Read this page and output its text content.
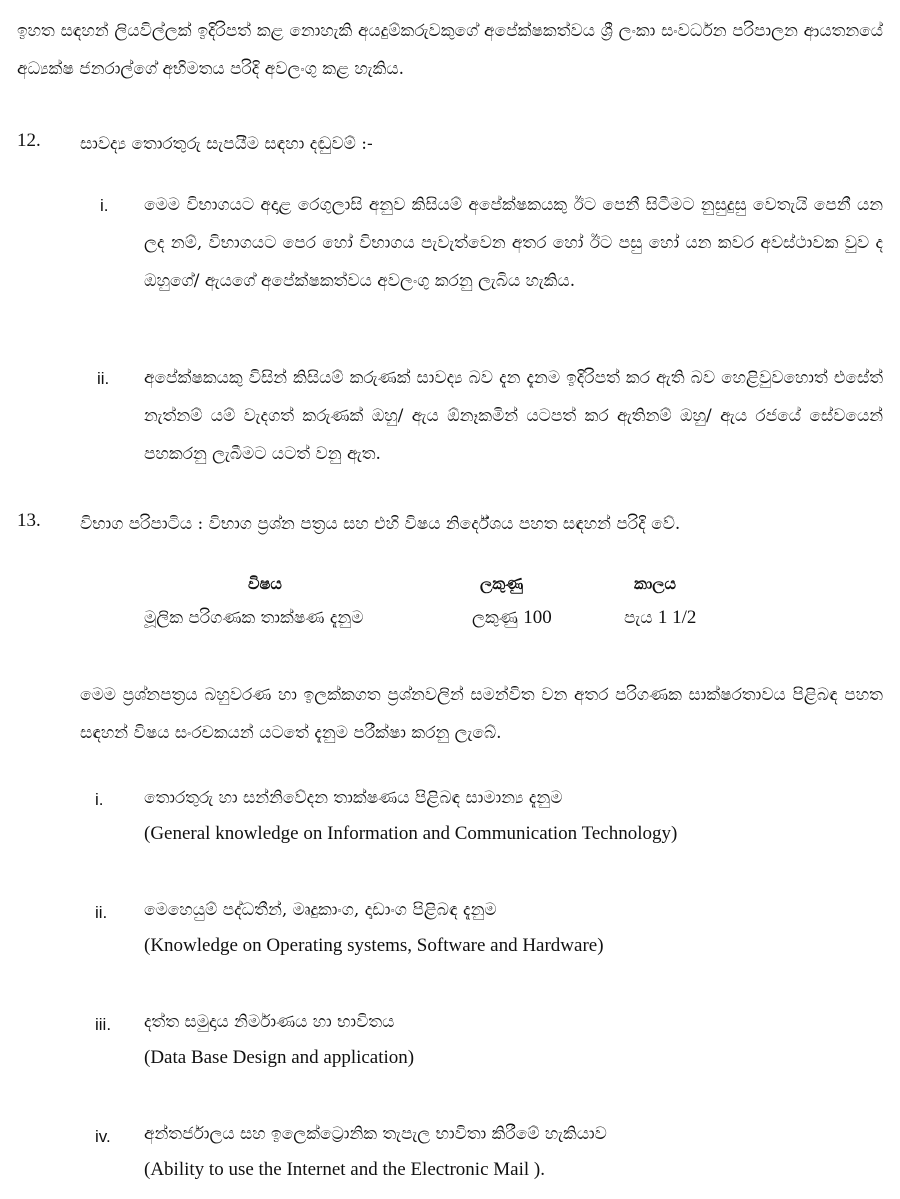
ඉහත සඳහන් ලියවිල්ලක් ඉදිරිපත් කළ නොහැකි අයදුම්කරුවකුගේ අපේක්ෂකත්වය ශ්‍රී ලංකා සංවර්ධන පරිපාලන ආයතනයේ අධ්‍යක්ෂ ජනරාල්ගේ අභිමතය පරිදි අවලංගු කළ හැකිය.

12. සාවද්‍ය තොරතුරු සැපයීම සඳහා දඬුවම් :-
i. මෙම විභාගයට අදාළ රෙගුලාසි අනුව කිසියම් අපේක්ෂකයකු ඊට පෙනී සිටීමට නුසුදුසු වෙතැයි පෙනී යන ලද නම්, විභාගයට පෙර හෝ විභාගය පැවැත්වෙන අතර හෝ ඊට පසු හෝ යන කවර අවස්ථාවක වුව ද ඔහුගේ/ ඇයගේ අපේක්ෂකත්වය අවලංගු කරනු ලැබිය හැකිය.

ii. අපේක්ෂකයකු විසින් කිසියම් කරුණක් සාවද්‍ය බව දැන දැනම ඉදිරිපත් කර ඇති බව හෙළිවුවහොත් එසේත් නැත්නම් යම් වැදගත් කරුණක් ඔහු/ ඇය ඕනෑකමින් යටපත් කර ඇතිනම් ඔහු/ ඇය රජයේ සේවයෙන් පහකරනු ලැබීමට යටත් වනු ඇත.

13. විභාග පරිපාටිය : විභාග ප්‍රශ්න පත්‍රය සහ එහි විෂය නිර්දේශය පහත සඳහන් පරිදි වේ.
විෂය	ලකුණු	කාලය
මූලික පරිගණක තාක්ෂණ දැනුම	ලකුණු 100	පැය 1 1/2

මෙම ප්‍රශ්නපත්‍රය බහුවරණ හා ඉලක්කගත ප්‍රශ්නවලින් සමන්විත වන අතර පරිගණක සාක්ෂරතාවය පිළිබඳ පහත සඳහන් විෂය සංරචකයන් යටතේ දැනුම පරීක්ෂා කරනු ලැබේ.

i. තොරතුරු හා සන්නිවේදන තාක්ෂණය පිළිබඳ සාමාන්‍ය දැනුම
(General knowledge on Information and Communication Technology)
ii. මෙහෙයුම් පද්ධතීන්, මෘදුකාංග, දෘඩාංග පිළිබඳ දැනුම
(Knowledge on Operating systems, Software and Hardware)
iii. දත්ත සමුදාය නිර්මාණය හා භාවිතය
(Data Base Design and application)
iv. අන්තර්ජාලය සහ ඉලෙක්ට්‍රොනික තැපැල භාවිතා කිරීමේ හැකියාව
(Ability to use the Internet and the Electronic Mail ).
